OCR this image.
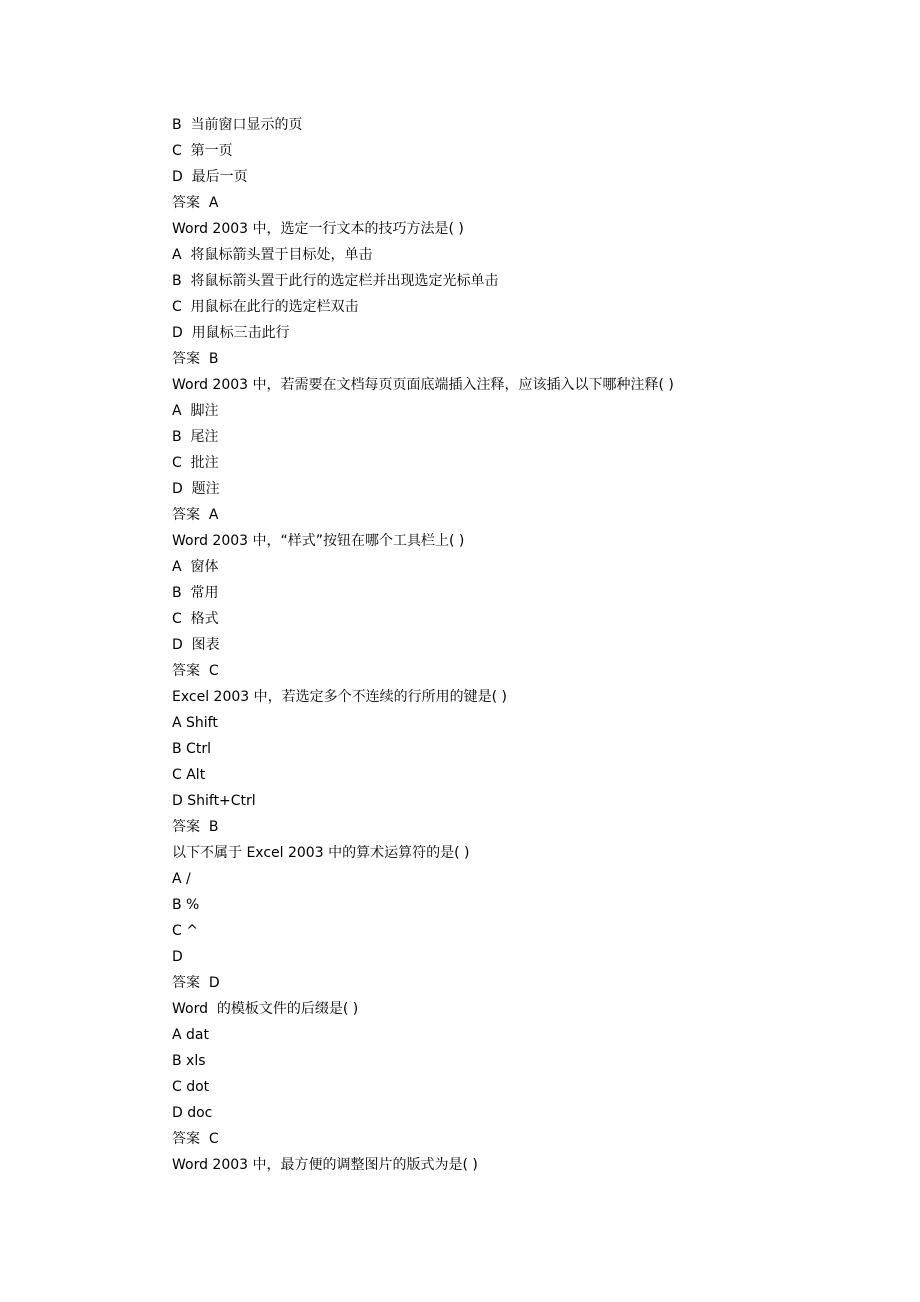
B  当前窗口显示的页
C  第一页
D  最后一页
答案  A
Word 2003 中，选定一行文本的技巧方法是( )
A  将鼠标箭头置于目标处，单击
B  将鼠标箭头置于此行的选定栏并出现选定光标单击
C  用鼠标在此行的选定栏双击
D  用鼠标三击此行
答案  B
Word 2003 中，若需要在文档每页页面底端插入注释，应该插入以下哪种注释( )
A  脚注
B  尾注
C  批注
D  题注
答案  A
Word 2003 中，“样式”按钮在哪个工具栏上( )
A  窗体
B  常用
C  格式
D  图表
答案  C
Excel 2003 中，若选定多个不连续的行所用的键是( )
A Shift
B Ctrl
C Alt
D Shift+Ctrl
答案  B
以下不属于 Excel 2003 中的算术运算符的是( )
A /
B %
C ^
D
答案  D
Word  的模板文件的后缀是( )
A dat
B xls
C dot
D doc
答案  C
Word 2003 中，最方便的调整图片的版式为是( )
